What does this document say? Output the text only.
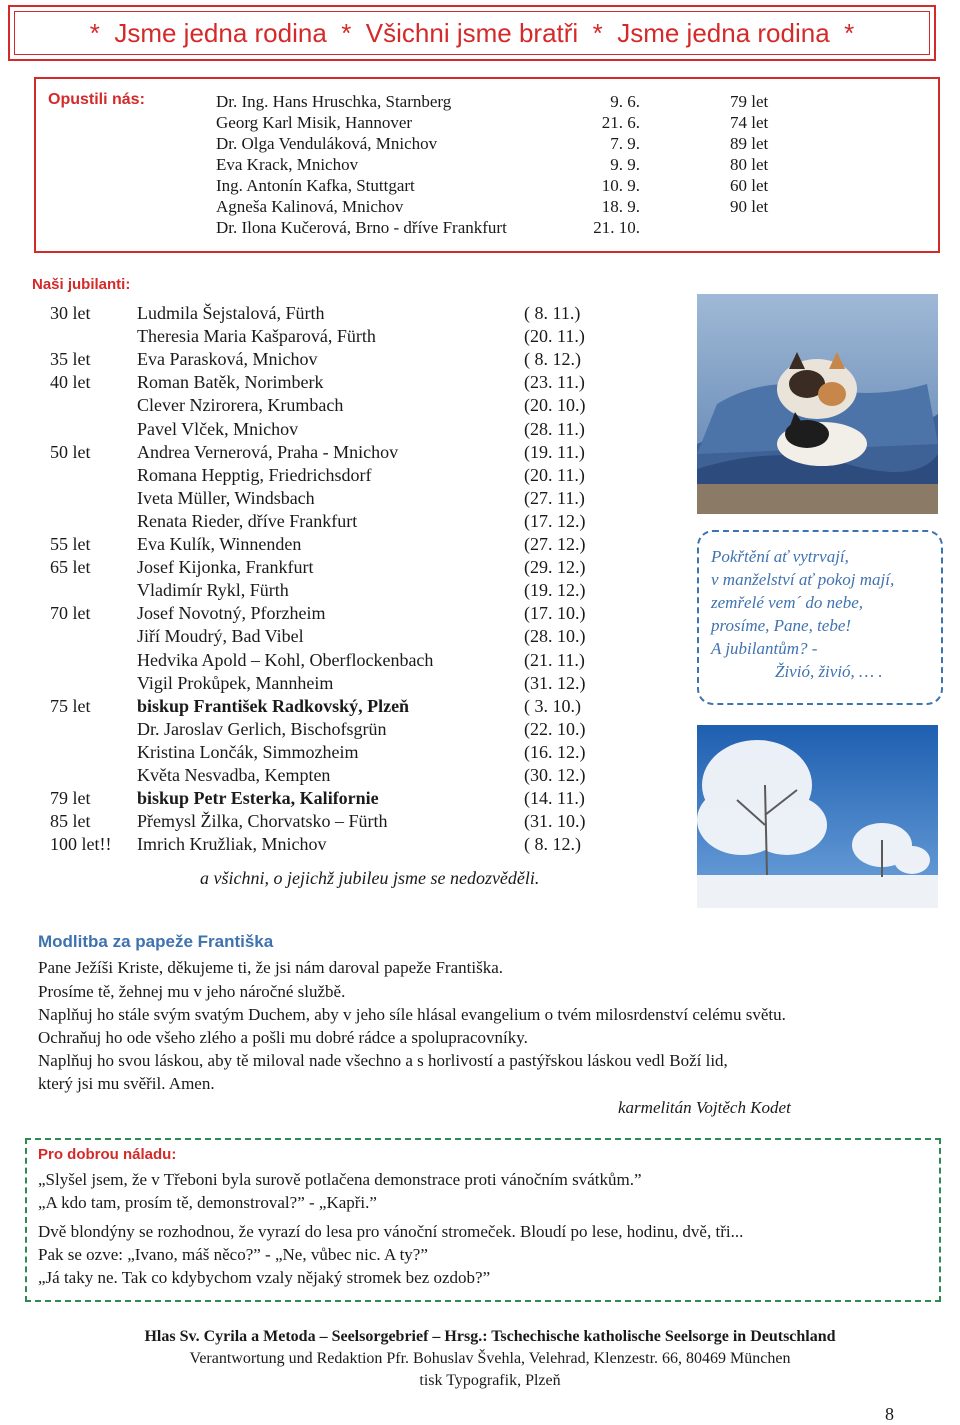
*  Jsme jedna rodina  *  Všichni jsme bratři  *  Jsme jedna rodina  *
Opustili nás:	Dr. Ing. Hans Hruschka, Starnberg	9. 6.	79 let
Georg Karl Misik, Hannover	21. 6.	74 let
Dr. Olga Venduláková, Mnichov	7. 9.	89 let
Eva Krack, Mnichov	9. 9.	80 let
Ing. Antonín Kafka, Stuttgart	10. 9.	60 let
Agneša Kalinová, Mnichov	18. 9.	90 let
Dr. Ilona Kučerová, Brno - dříve Frankfurt	21. 10.
Naši jubilanti:
30 let	Ludmila Šejstalová, Fürth	( 8. 11.)
Theresia Maria Kašparová, Fürth	(20. 11.)
35 let	Eva Parasková, Mnichov	( 8. 12.)
40 let	Roman Batěk, Norimberk	(23. 11.)
Clever Nzirorera, Krumbach	(20. 10.)
Pavel Vlček, Mnichov	(28. 11.)
50 let	Andrea Vernerová, Praha - Mnichov	(19. 11.)
Romana Hepptig, Friedrichsdorf	(20. 11.)
Iveta Müller, Windsbach	(27. 11.)
Renata Rieder, dříve Frankfurt	(17. 12.)
55 let	Eva Kulík, Winnenden	(27. 12.)
65 let	Josef Kijonka, Frankfurt	(29. 12.)
Vladimír Rykl, Fürth	(19. 12.)
70 let	Josef Novotný, Pforzheim	(17. 10.)
Jiří Moudrý, Bad Vibel	(28. 10.)
Hedvika Apold – Kohl, Oberflockenbach	(21. 11.)
Vigil Prokůpek, Mannheim	(31. 12.)
75 let	biskup František Radkovský, Plzeň	( 3. 10.)
Dr. Jaroslav Gerlich, Bischofsgrün	(22. 10.)
Kristina Lončák, Simmozheim	(16. 12.)
Květa Nesvadba, Kempten	(30. 12.)
79 let	biskup Petr Esterka, Kalifornie	(14. 11.)
85 let	Přemysl Žilka, Chorvatsko – Fürth	(31. 10.)
100 let!! Imrich Kružliak, Mnichov	( 8. 12.)
a všichni, o jejichž jubileu jsme se nedozvěděli.
Pokřtění ať vytrvají,
v manželství ať pokoj mají,
zemřelé vem´ do nebe,
prosíme, Pane, tebe!
A jubilantům? -
Živió, živió, … .
Modlitba za papeže Františka
Pane Ježíši Kriste, děkujeme ti, že jsi nám daroval papeže Františka.
Prosíme tě, žehnej mu v jeho náročné službě.
Naplňuj ho stále svým svatým Duchem, aby v jeho síle hlásal evangelium o tvém milosrdenství celému světu.
Ochraňuj ho ode všeho zlého a pošli mu dobré rádce a spolupracovníky.
Naplňuj ho svou láskou, aby tě miloval nade všechno a s horlivostí a pastýřskou láskou vedl Boží lid,
který jsi mu svěřil. Amen.
karmelitán Vojtěch Kodet
Pro dobrou náladu:
„Slyšel jsem, že v Třeboni byla surově potlačena demonstrace proti vánočním svátkům.”
„A kdo tam, prosím tě, demonstroval?” - „Kapři.”
Dvě blondýny se rozhodnou, že vyrazí do lesa pro vánoční stromeček. Bloudí po lese, hodinu, dvě, tři...
Pak se ozve: „Ivano, máš něco?” - „Ne, vůbec nic. A ty?”
„Já taky ne. Tak co kdybychom vzaly nějaký stromek bez ozdob?”
Hlas Sv. Cyrila a Metoda – Seelsorgebrief – Hrsg.: Tschechische katholische Seelsorge in Deutschland
Verantwortung und Redaktion Pfr. Bohuslav Švehla, Velehrad, Klenzestr. 66, 80469 München
tisk Typografik, Plzeň
8
